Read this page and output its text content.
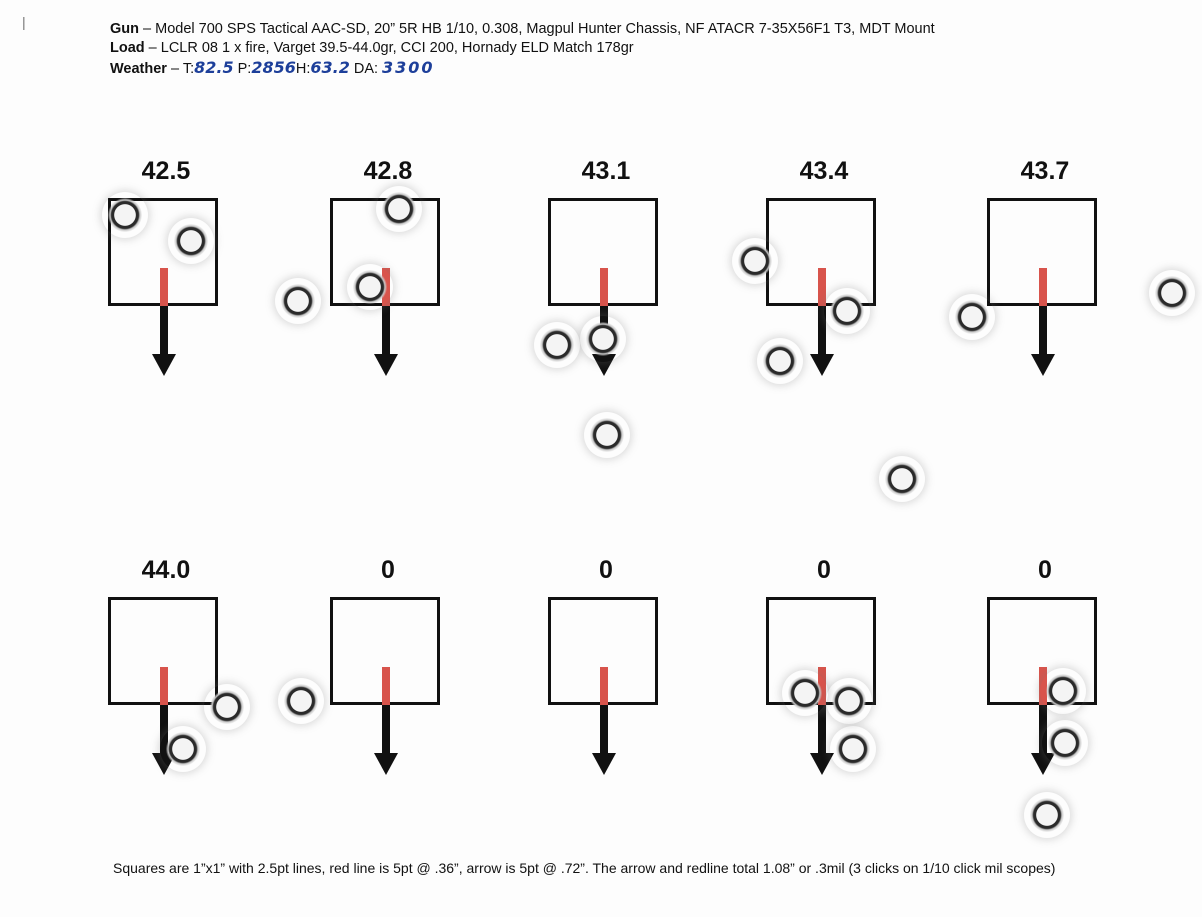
Gun – Model 700 SPS Tactical AAC-SD, 20” 5R HB 1/10, 0.308, Magpul Hunter Chassis, NF ATACR 7-35X56F1 T3, MDT Mount
Load – LCLR 08 1 x fire, Varget 39.5-44.0gr, CCI 200, Hornady ELD Match 178gr
Weather – T:82.5 P:2856H:63.2 DA: 3300
42.5	42.8	43.1	43.4	43.7
44.0	0	0	0	0
|
Squares are 1”x1” with 2.5pt lines, red line is 5pt @ .36”, arrow is 5pt @ .72”. The arrow and redline total 1.08” or .3mil (3 clicks on 1/10 click mil scopes)
